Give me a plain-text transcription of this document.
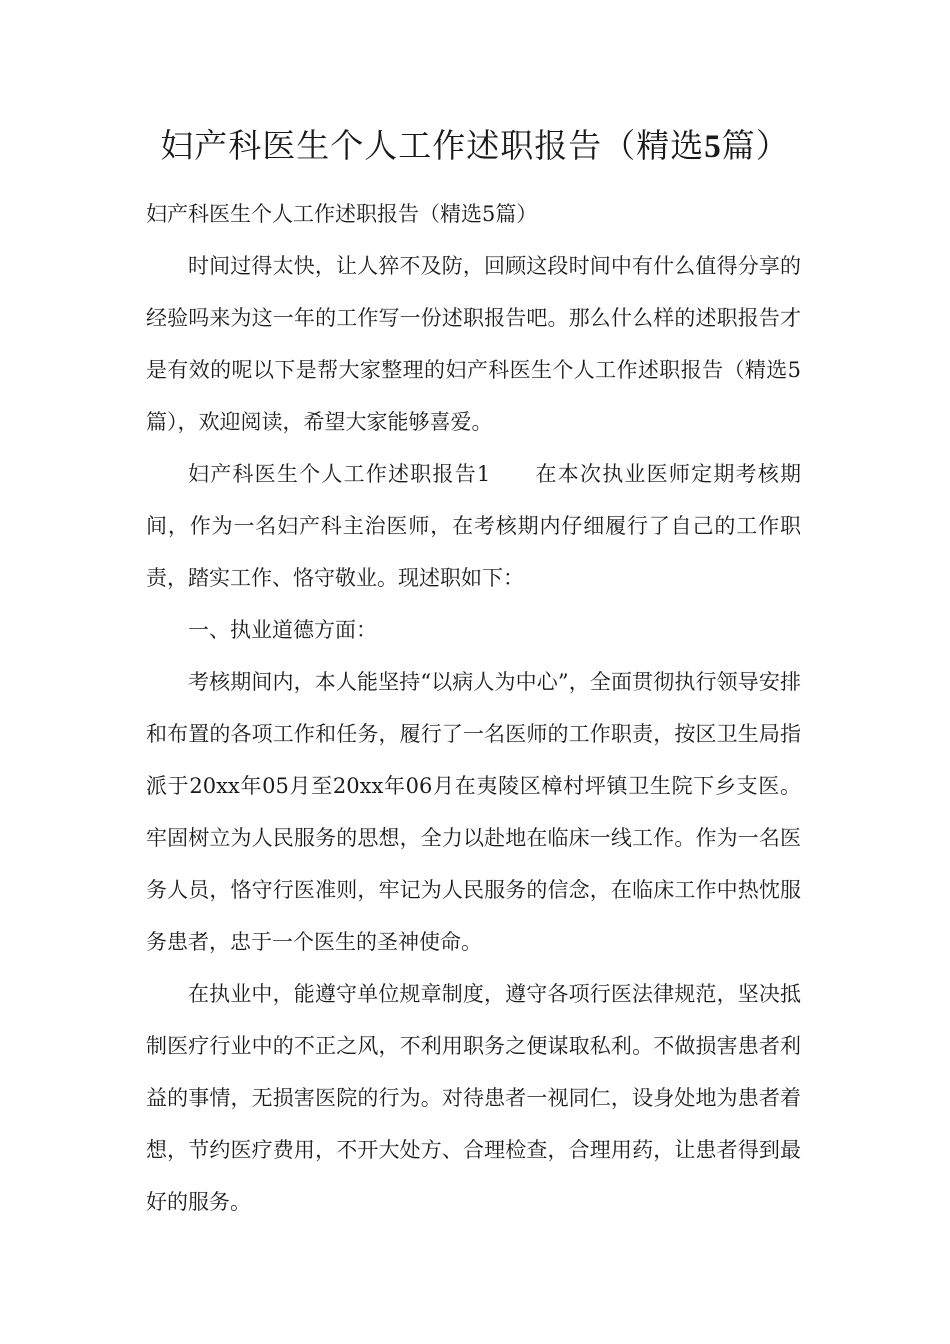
妇产科医生个人工作述职报告（精选5篇）

妇产科医生个人工作述职报告（精选5篇）

时间过得太快，让人猝不及防，回顾这段时间中有什么值得分享的经验吗来为这一年的工作写一份述职报告吧。那么什么样的述职报告才是有效的呢以下是帮大家整理的妇产科医生个人工作述职报告（精选5篇），欢迎阅读，希望大家能够喜爱。

妇产科医生个人工作述职报告1 在本次执业医师定期考核期间，作为一名妇产科主治医师，在考核期内仔细履行了自己的工作职责，踏实工作、恪守敬业。现述职如下：

一、执业道德方面：

考核期间内，本人能坚持“以病人为中心”，全面贯彻执行领导安排和布置的各项工作和任务，履行了一名医师的工作职责，按区卫生局指派于20xx年05月至20xx年06月在夷陵区樟村坪镇卫生院下乡支医。牢固树立为人民服务的思想，全力以赴地在临床一线工作。作为一名医务人员，恪守行医准则，牢记为人民服务的信念，在临床工作中热忱服务患者，忠于一个医生的圣神使命。

在执业中，能遵守单位规章制度，遵守各项行医法律规范，坚决抵制医疗行业中的不正之风，不利用职务之便谋取私利。不做损害患者利益的事情，无损害医院的行为。对待患者一视同仁，设身处地为患者着想，节约医疗费用，不开大处方、合理检查，合理用药，让患者得到最好的服务。
